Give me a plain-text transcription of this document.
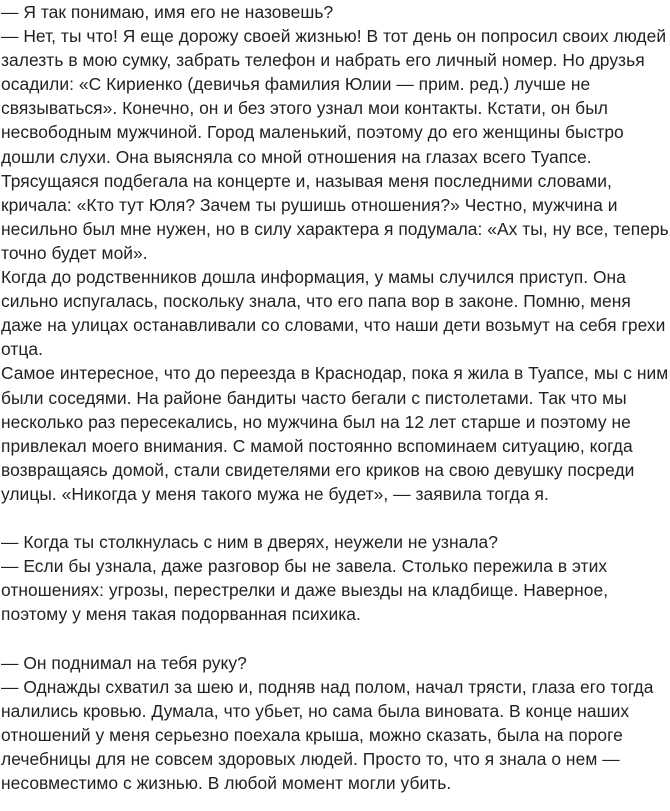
— Я так понимаю, имя его не назовешь?
— Нет, ты что! Я еще дорожу своей жизнью! В тот день он попросил своих людей
залезть в мою сумку, забрать телефон и набрать его личный номер. Но друзья
осадили: «С Кириенко (девичья фамилия Юлии — прим. ред.) лучше не
связываться». Конечно, он и без этого узнал мои контакты. Кстати, он был
несвободным мужчиной. Город маленький, поэтому до его женщины быстро
дошли слухи. Она выясняла со мной отношения на глазах всего Туапсе.
Трясущаяся подбегала на концерте и, называя меня последними словами,
кричала: «Кто тут Юля? Зачем ты рушишь отношения?» Честно, мужчина и
несильно был мне нужен, но в силу характера я подумала: «Ах ты, ну все, теперь
точно будет мой».
Когда до родственников дошла информация, у мамы случился приступ. Она
сильно испугалась, поскольку знала, что его папа вор в законе. Помню, меня
даже на улицах останавливали со словами, что наши дети возьмут на себя грехи
отца.
Самое интересное, что до переезда в Краснодар, пока я жила в Туапсе, мы с ним
были соседями. На районе бандиты часто бегали с пистолетами. Так что мы
несколько раз пересекались, но мужчина был на 12 лет старше и поэтому не
привлекал моего внимания. С мамой постоянно вспоминаем ситуацию, когда
возвращаясь домой, стали свидетелями его криков на свою девушку посреди
улицы. «Никогда у меня такого мужа не будет», — заявила тогда я.
— Когда ты столкнулась с ним в дверях, неужели не узнала?
— Если бы узнала, даже разговор бы не завела. Столько пережила в этих
отношениях: угрозы, перестрелки и даже выезды на кладбище. Наверное,
поэтому у меня такая подорванная психика.
— Он поднимал на тебя руку?
— Однажды схватил за шею и, подняв над полом, начал трясти, глаза его тогда
налились кровью. Думала, что убьет, но сама была виновата. В конце наших
отношений у меня серьезно поехала крыша, можно сказать, была на пороге
лечебницы для не совсем здоровых людей. Просто то, что я знала о нем —
несовместимо с жизнью. В любой момент могли убить.
